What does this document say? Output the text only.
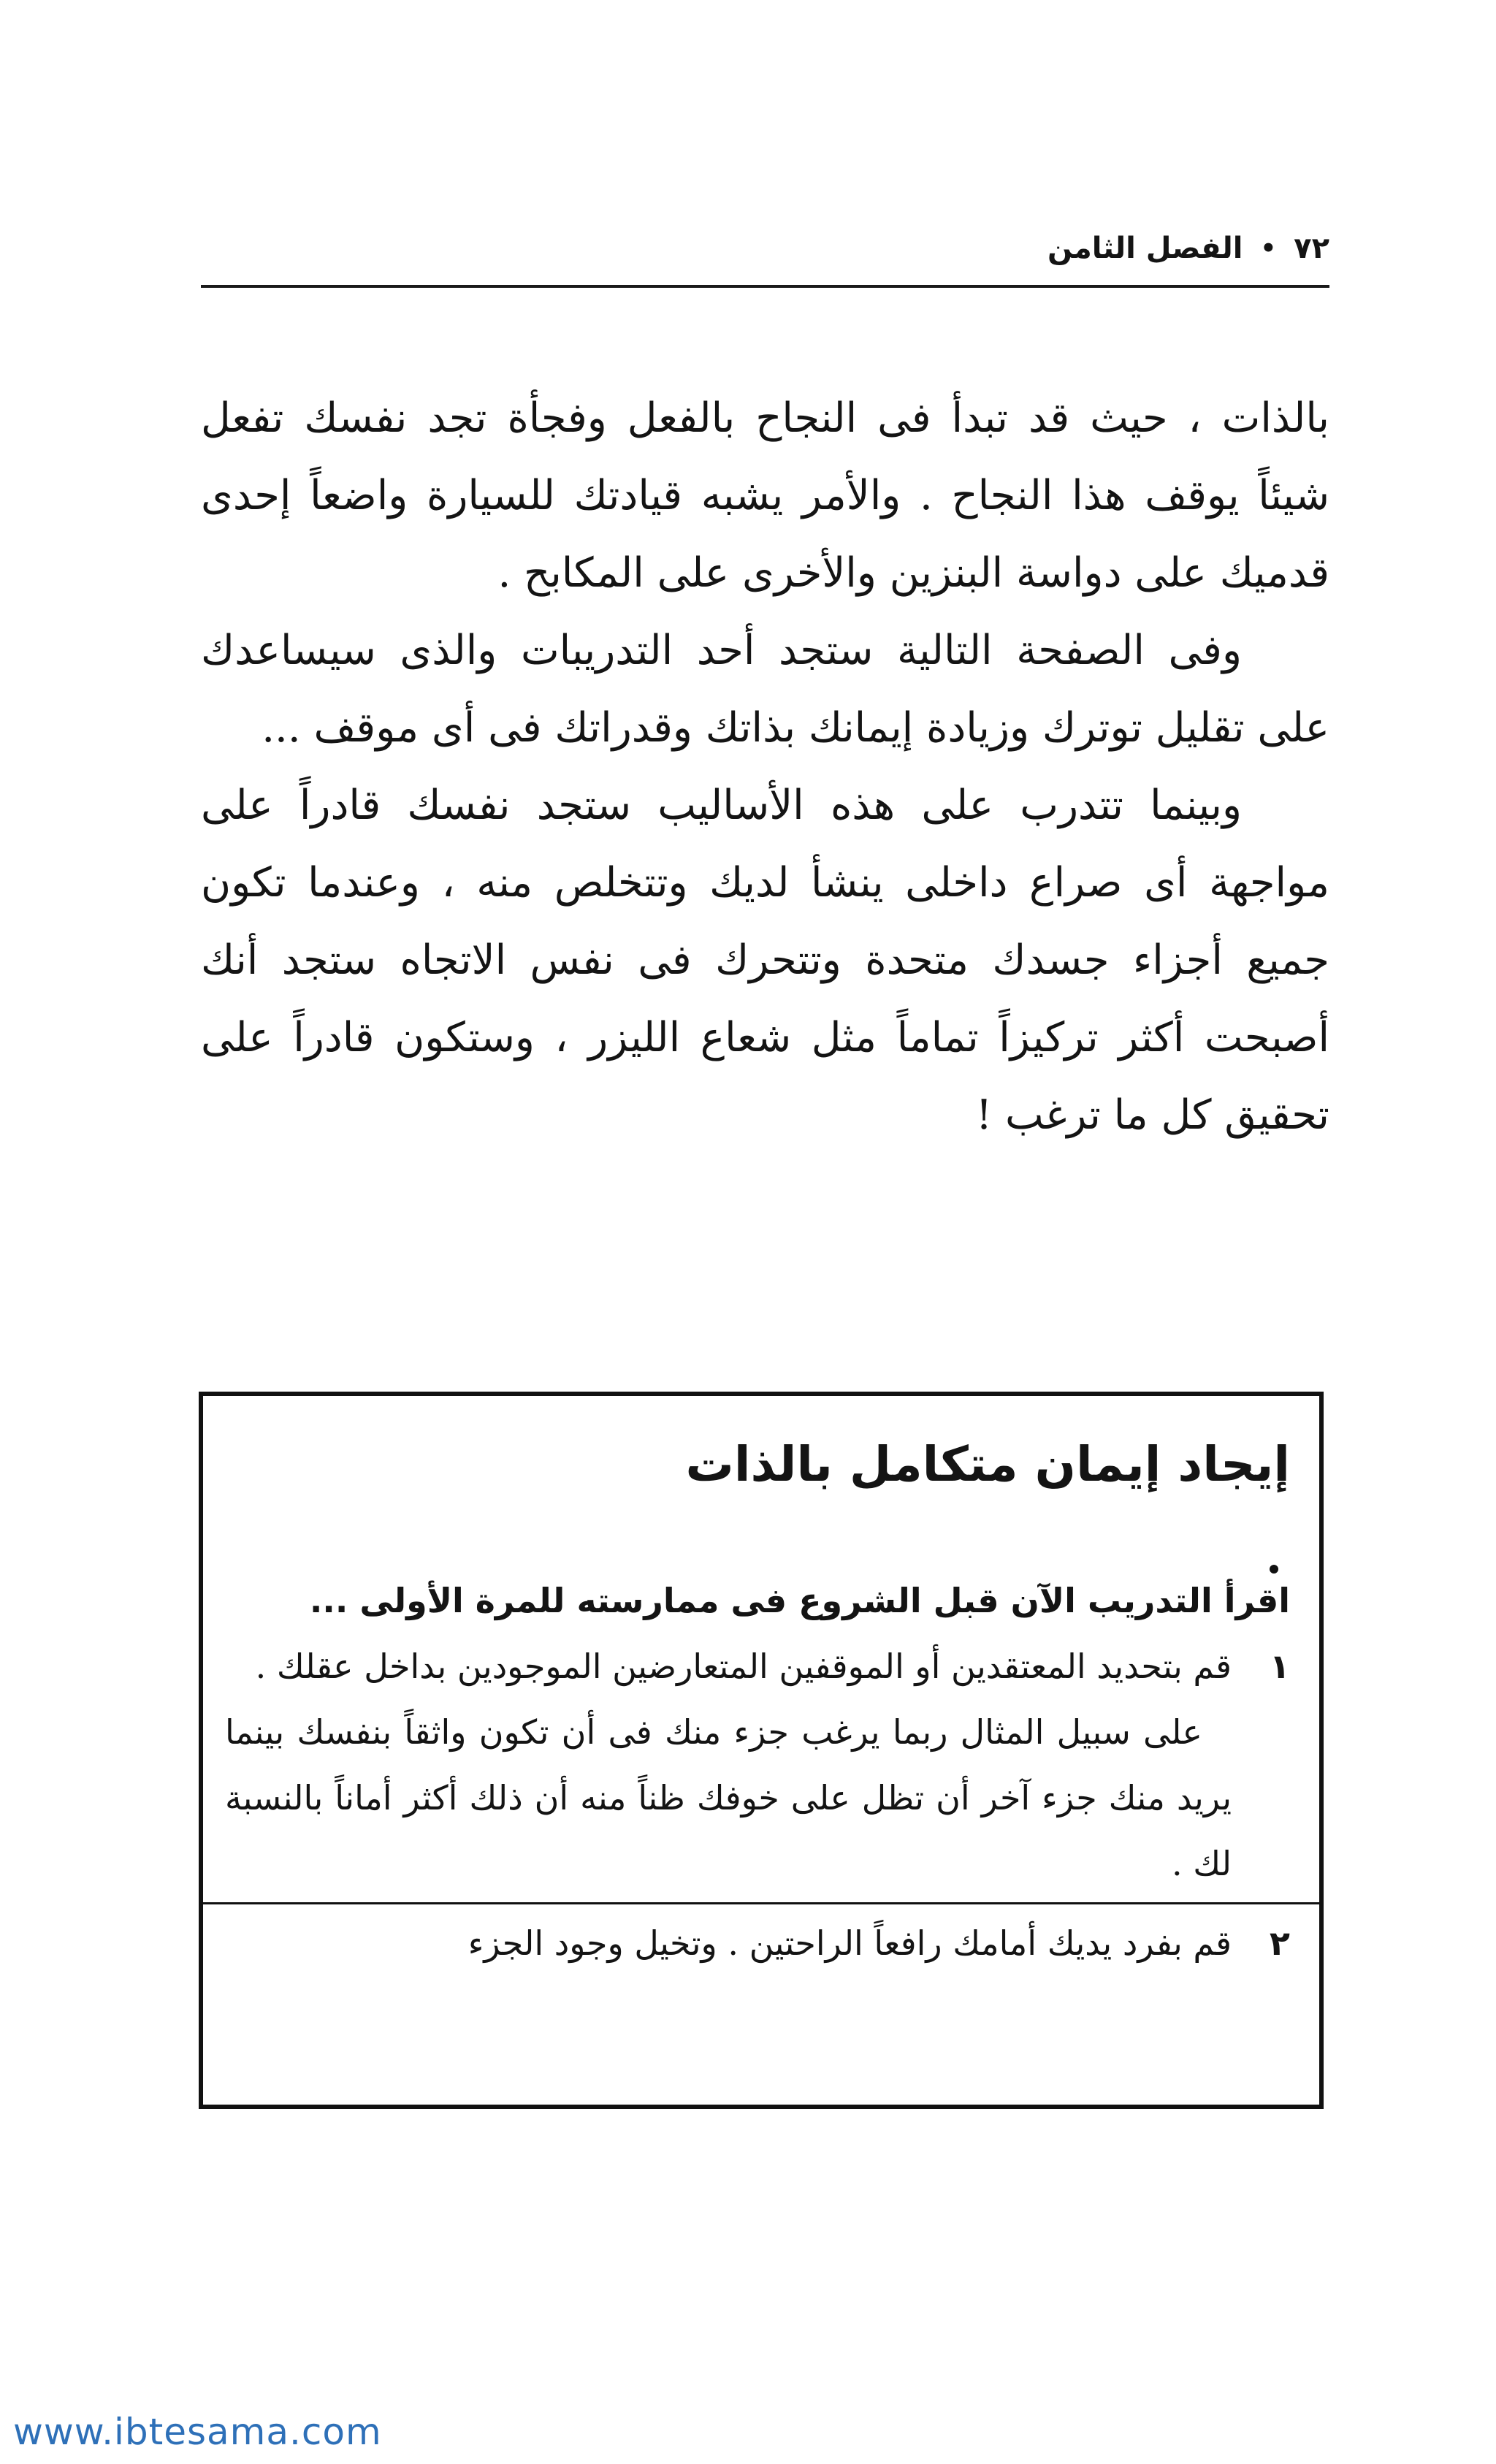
٧٢
•
الفصل الثامن

بالذات ، حيث قد تبدأ فى النجاح بالفعل وفجأة تجد نفسك تفعل شيئاً يوقف هذا النجاح . والأمر يشبه قيادتك للسيارة واضعاً إحدى قدميك على دواسة البنزين والأخرى على المكابح .

وفى الصفحة التالية ستجد أحد التدريبات والذى سيساعدك على تقليل توترك وزيادة إيمانك بذاتك وقدراتك فى أى موقف ...

وبينما تتدرب على هذه الأساليب ستجد نفسك قادراً على مواجهة أى صراع داخلى ينشأ لديك وتتخلص منه ، وعندما تكون جميع أجزاء جسدك متحدة وتتحرك فى نفس الاتجاه ستجد أنك أصبحت أكثر تركيزاً تماماً مثل شعاع الليزر ، وستكون قادراً على تحقيق كل ما ترغب !

إيجاد إيمان متكامل بالذات

اقرأ التدريب الآن قبل الشروع فى ممارسته للمرة الأولى ...

١
قم بتحديد المعتقدين أو الموقفين المتعارضين الموجودين بداخل عقلك .

على سبيل المثال ربما يرغب جزء منك فى أن تكون واثقاً بنفسك بينما يريد منك جزء آخر أن تظل على خوفك ظناً منه أن ذلك أكثر أماناً بالنسبة لك .

٢
قم بفرد يديك أمامك رافعاً الراحتين . وتخيل وجود الجزء
www.ibtesama.com
